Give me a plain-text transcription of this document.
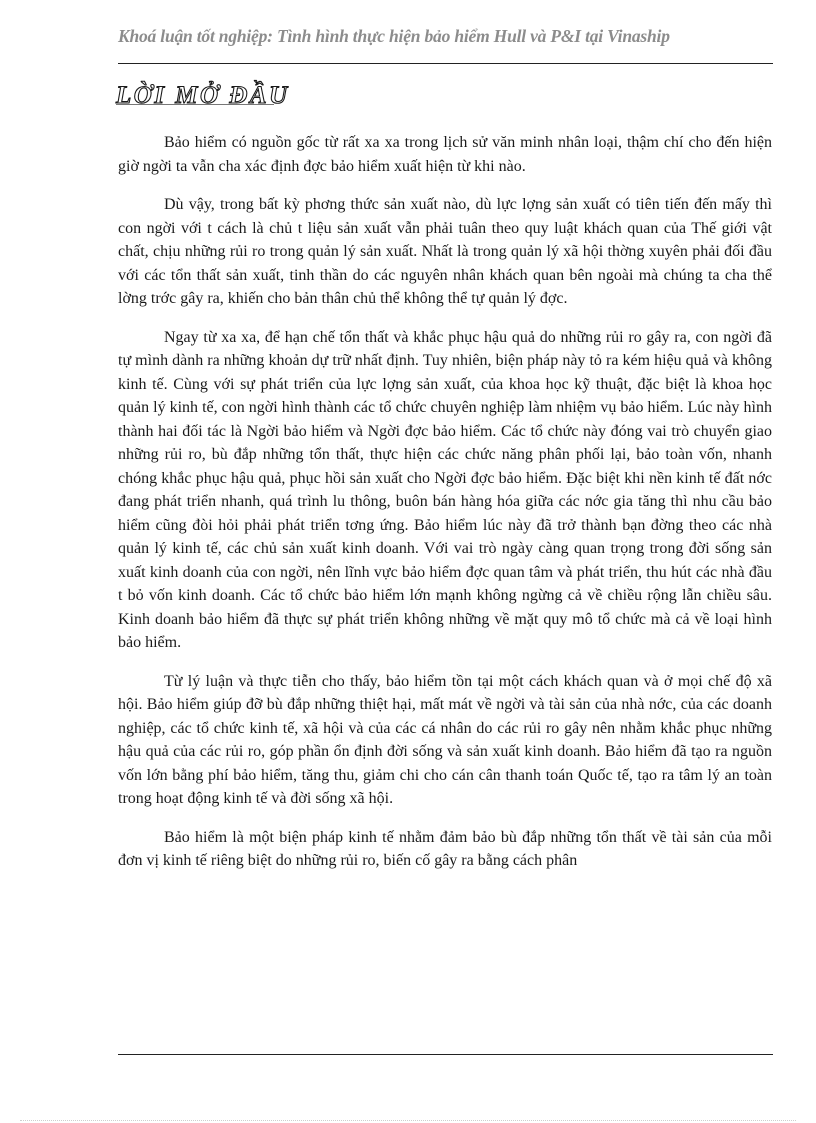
Khoá luận tốt nghiệp: Tình hình thực hiện bảo hiểm Hull và P&I tại Vinaship
LỜI MỞ ĐẦU

Bảo hiểm có nguồn gốc từ rất xa xa trong lịch sử văn minh nhân loại, thậm chí cho đến hiện giờ ngời ta vẫn cha xác định đợc bảo hiểm xuất hiện từ khi nào.

Dù vậy, trong bất kỳ phơng thức sản xuất nào, dù lực lợng sản xuất có tiên tiến đến mấy thì con ngời với t cách là chủ t liệu sản xuất vẫn phải tuân theo quy luật khách quan của Thế giới vật chất, chịu những rủi ro trong quản lý sản xuất. Nhất là trong quản lý xã hội thờng xuyên phải đối đầu với các tổn thất sản xuất, tinh thần do các nguyên nhân khách quan bên ngoài mà chúng ta cha thể lờng trớc gây ra, khiến cho bản thân chủ thể không thể tự quản lý đợc.

Ngay từ xa xa, để hạn chế tổn thất và khắc phục hậu quả do những rủi ro gây ra, con ngời đã tự mình dành ra những khoản dự trữ nhất định. Tuy nhiên, biện pháp này tỏ ra kém hiệu quả và không kinh tế. Cùng với sự phát triển của lực lợng sản xuất, của khoa học kỹ thuật, đặc biệt là khoa học quản lý kinh tế, con ngời hình thành các tổ chức chuyên nghiệp làm nhiệm vụ bảo hiểm. Lúc này hình thành hai đối tác là Ngời bảo hiểm và Ngời đợc bảo hiểm. Các tổ chức này đóng vai trò chuyển giao những rủi ro, bù đắp những tổn thất, thực hiện các chức năng phân phối lại, bảo toàn vốn, nhanh chóng khắc phục hậu quả, phục hồi sản xuất cho Ngời đợc bảo hiểm. Đặc biệt khi nền kinh tế đất nớc đang phát triển nhanh, quá trình lu thông, buôn bán hàng hóa giữa các nớc gia tăng thì nhu cầu bảo hiểm cũng đòi hỏi phải phát triển tơng ứng. Bảo hiểm lúc này đã trở thành bạn đờng theo các nhà quản lý kinh tế, các chủ sản xuất kinh doanh. Với vai trò ngày càng quan trọng trong đời sống sản xuất kinh doanh của con ngời, nên lĩnh vực bảo hiểm đợc quan tâm và phát triển, thu hút các nhà đầu t bỏ vốn kinh doanh. Các tổ chức bảo hiểm lớn mạnh không ngừng cả về chiều rộng lẫn chiều sâu. Kinh doanh bảo hiểm đã thực sự phát triển không những về mặt quy mô tổ chức mà cả về loại hình bảo hiểm.

Từ lý luận và thực tiễn cho thấy, bảo hiểm tồn tại một cách khách quan và ở mọi chế độ xã hội. Bảo hiểm giúp đỡ bù đắp những thiệt hại, mất mát về ngời và tài sản của nhà nớc, của các doanh nghiệp, các tổ chức kinh tế, xã hội và của các cá nhân do các rủi ro gây nên nhằm khắc phục những hậu quả của các rủi ro, góp phần ổn định đời sống và sản xuất kinh doanh. Bảo hiểm đã tạo ra nguồn vốn lớn bằng phí bảo hiểm, tăng thu, giảm chi cho cán cân thanh toán Quốc tế, tạo ra tâm lý an toàn trong hoạt động kinh tế và đời sống xã hội.

Bảo hiểm là một biện pháp kinh tế nhằm đảm bảo bù đắp những tổn thất về tài sản của mỗi đơn vị kinh tế riêng biệt do những rủi ro, biến cố gây ra bằng cách phân
